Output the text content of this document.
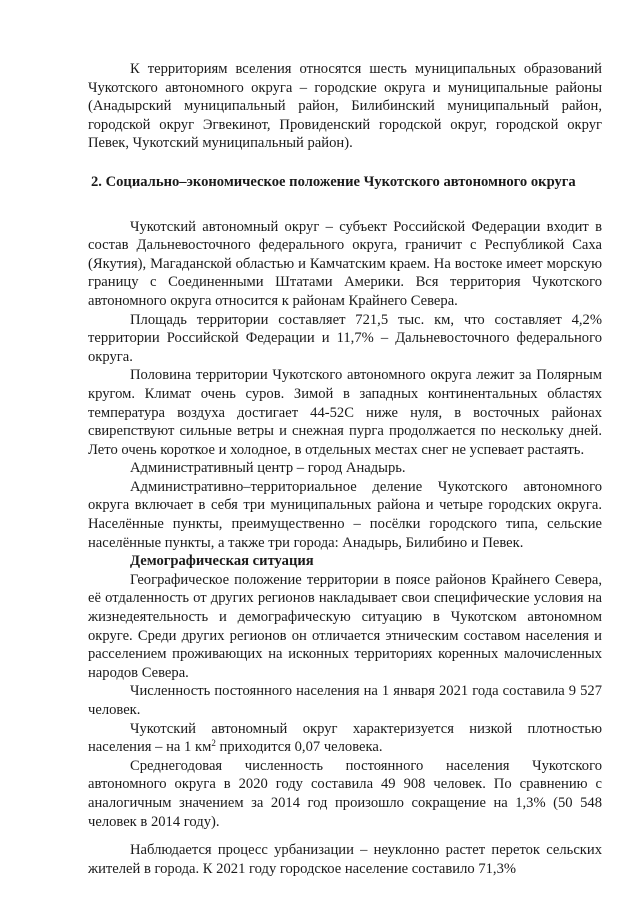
К территориям вселения относятся шесть муниципальных образований Чукотского автономного округа – городские округа и муниципальные районы (Анадырский муниципальный район, Билибинский муниципальный район, городской округ Эгвекинот, Провиденский городской округ, городской округ Певек, Чукотский муниципальный район).

2. Социально–экономическое положение Чукотского автономного округа

Чукотский автономный округ – субъект Российской Федерации входит в состав Дальневосточного федерального округа, граничит с Республикой Саха (Якутия), Магаданской областью и Камчатским краем. На востоке имеет морскую границу с Соединенными Штатами Америки. Вся территория Чукотского автономного округа относится к районам Крайнего Севера.

Площадь территории составляет 721,5 тыс. км, что составляет 4,2% территории Российской Федерации и 11,7% – Дальневосточного федерального округа.

Половина территории Чукотского автономного округа лежит за Полярным кругом. Климат очень суров. Зимой в западных континентальных областях температура воздуха достигает 44-52С ниже нуля, в восточных районах свирепствуют сильные ветры и снежная пурга продолжается по нескольку дней. Лето очень короткое и холодное, в отдельных местах снег не успевает растаять.

Административный центр – город Анадырь.

Административно–территориальное деление Чукотского автономного округа включает в себя три муниципальных района и четыре городских округа. Населённые пункты, преимущественно – посёлки городского типа, сельские населённые пункты, а также три города: Анадырь, Билибино и Певек.

Демографическая ситуация

Географическое положение территории в поясе районов Крайнего Севера, её отдаленность от других регионов накладывает свои специфические условия на жизнедеятельность и демографическую ситуацию в Чукотском автономном округе. Среди других регионов он отличается этническим составом населения и расселением проживающих на исконных территориях коренных малочисленных народов Севера.

Численность постоянного населения на 1 января 2021 года составила 9 527 человек.

Чукотский автономный округ характеризуется низкой плотностью населения – на 1 $км^2$ приходится 0,07 человека.

Среднегодовая численность постоянного населения Чукотского автономного округа в 2020 году составила 49 908 человек. По сравнению с аналогичным значением за 2014 год произошло сокращение на 1,3% (50 548 человек в 2014 году).

Наблюдается процесс урбанизации – неуклонно растет переток сельских жителей в города. К 2021 году городское население составило 71,3%
